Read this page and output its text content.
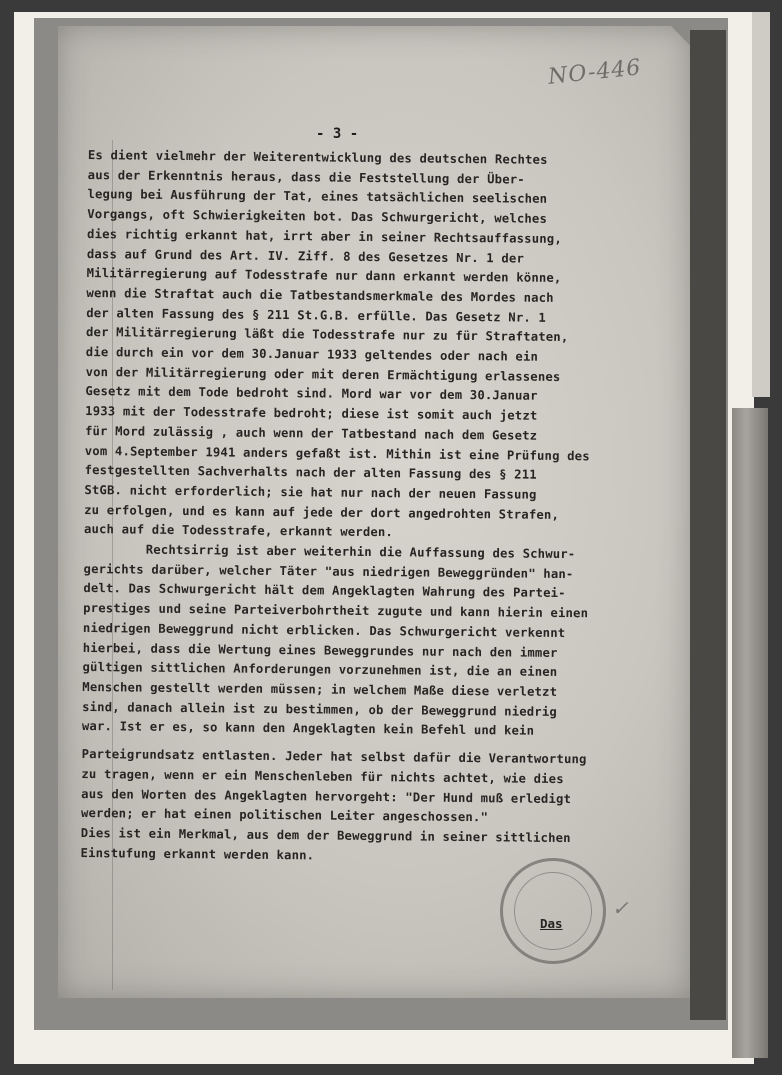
NO-446
- 3 -
Es dient vielmehr der Weiterentwicklung des deutschen Rechtes
aus der Erkenntnis heraus, dass die Feststellung der Über-
legung bei Ausführung der Tat, eines tatsächlichen seelischen
Vorgangs, oft Schwierigkeiten bot. Das Schwurgericht, welches
dies richtig erkannt hat, irrt aber in seiner Rechtsauffassung,
dass auf Grund des Art. IV. Ziff. 8 des Gesetzes Nr. 1 der
Militärregierung auf Todesstrafe nur dann erkannt werden könne,
wenn die Straftat auch die Tatbestandsmerkmale des Mordes nach
der alten Fassung des § 211 St.G.B. erfülle. Das Gesetz Nr. 1
der Militärregierung läßt die Todesstrafe nur zu für Straftaten,
die durch ein vor dem 30.Januar 1933 geltendes oder nach ein
von der Militärregierung oder mit deren Ermächtigung erlassenes
Gesetz mit dem Tode bedroht sind. Mord war vor dem 30.Januar
1933 mit der Todesstrafe bedroht; diese ist somit auch jetzt
für Mord zulässig , auch wenn der Tatbestand nach dem Gesetz
vom 4.September 1941 anders gefaßt ist. Mithin ist eine Prüfung des
festgestellten Sachverhalts nach der alten Fassung des § 211
StGB. nicht erforderlich; sie hat nur nach der neuen Fassung
zu erfolgen, und es kann auf jede der dort angedrohten Strafen,
auch auf die Todesstrafe, erkannt werden.
Rechtsirrig ist aber weiterhin die Auffassung des Schwur-
gerichts darüber, welcher Täter "aus niedrigen Beweggründen" han-
delt. Das Schwurgericht hält dem Angeklagten Wahrung des Partei-
prestiges und seine Parteiverbohrtheit zugute und kann hierin einen
niedrigen Beweggrund nicht erblicken. Das Schwurgericht verkennt
hierbei, dass die Wertung eines Beweggrundes nur nach den immer
gültigen sittlichen Anforderungen vorzunehmen ist, die an einen
Menschen gestellt werden müssen; in welchem Maße diese verletzt
sind, danach allein ist zu bestimmen, ob der Beweggrund niedrig
war. Ist er es, so kann den Angeklagten kein Befehl und kein
Parteigrundsatz entlasten. Jeder hat selbst dafür die Verantwortung
zu tragen, wenn er ein Menschenleben für nichts achtet, wie dies
aus den Worten des Angeklagten hervorgeht: "Der Hund muß erledigt
werden; er hat einen politischen Leiter angeschossen."
Dies ist ein Merkmal, aus dem der Beweggrund in seiner sittlichen
Einstufung erkannt werden kann.
✓
Das
